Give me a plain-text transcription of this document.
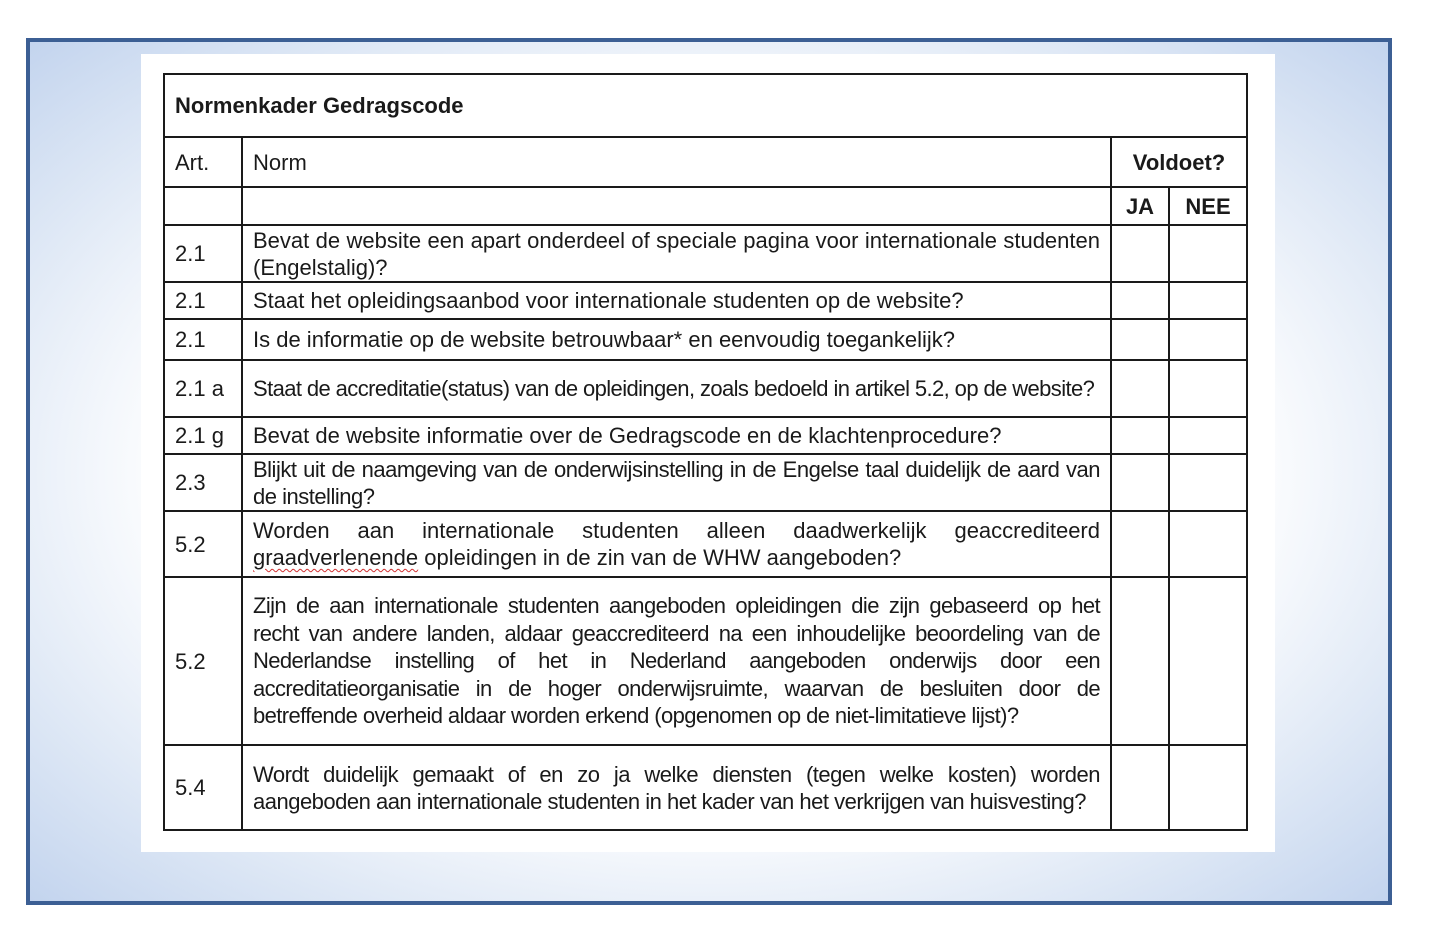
Normenkader Gedragscode			
Art.	Norm	Voldoet?	
		JA	NEE
2.1	Bevat de website een apart onderdeel of speciale pagina voor internationale studenten (Engelstalig)?		
2.1	Staat het opleidingsaanbod voor internationale studenten op de website?		
2.1	Is de informatie op de website betrouwbaar* en eenvoudig toegankelijk?		
2.1 a	Staat de accreditatie(status) van de opleidingen, zoals bedoeld in artikel 5.2, op de website?		
2.1 g	Bevat de website informatie over de Gedragscode en de klachtenprocedure?		
2.3	Blijkt uit de naamgeving van de onderwijsinstelling in de Engelse taal duidelijk de aard van de instelling?		
5.2	Worden aan internationale studenten alleen daadwerkelijk geaccrediteerd graadverlenende opleidingen in de zin van de WHW aangeboden?		
5.2	Zijn de aan internationale studenten aangeboden opleidingen die zijn gebaseerd op het recht van andere landen, aldaar geaccrediteerd na een inhoudelijke beoordeling van de Nederlandse instelling of het in Nederland aangeboden onderwijs door een accreditatieorganisatie in de hoger onderwijsruimte, waarvan de besluiten door de betreffende overheid aldaar worden erkend (opgenomen op de niet-limitatieve lijst)?		
5.4	Wordt duidelijk gemaakt of en zo ja welke diensten (tegen welke kosten) worden aangeboden aan internationale studenten in het kader van het verkrijgen van huisvesting?		
